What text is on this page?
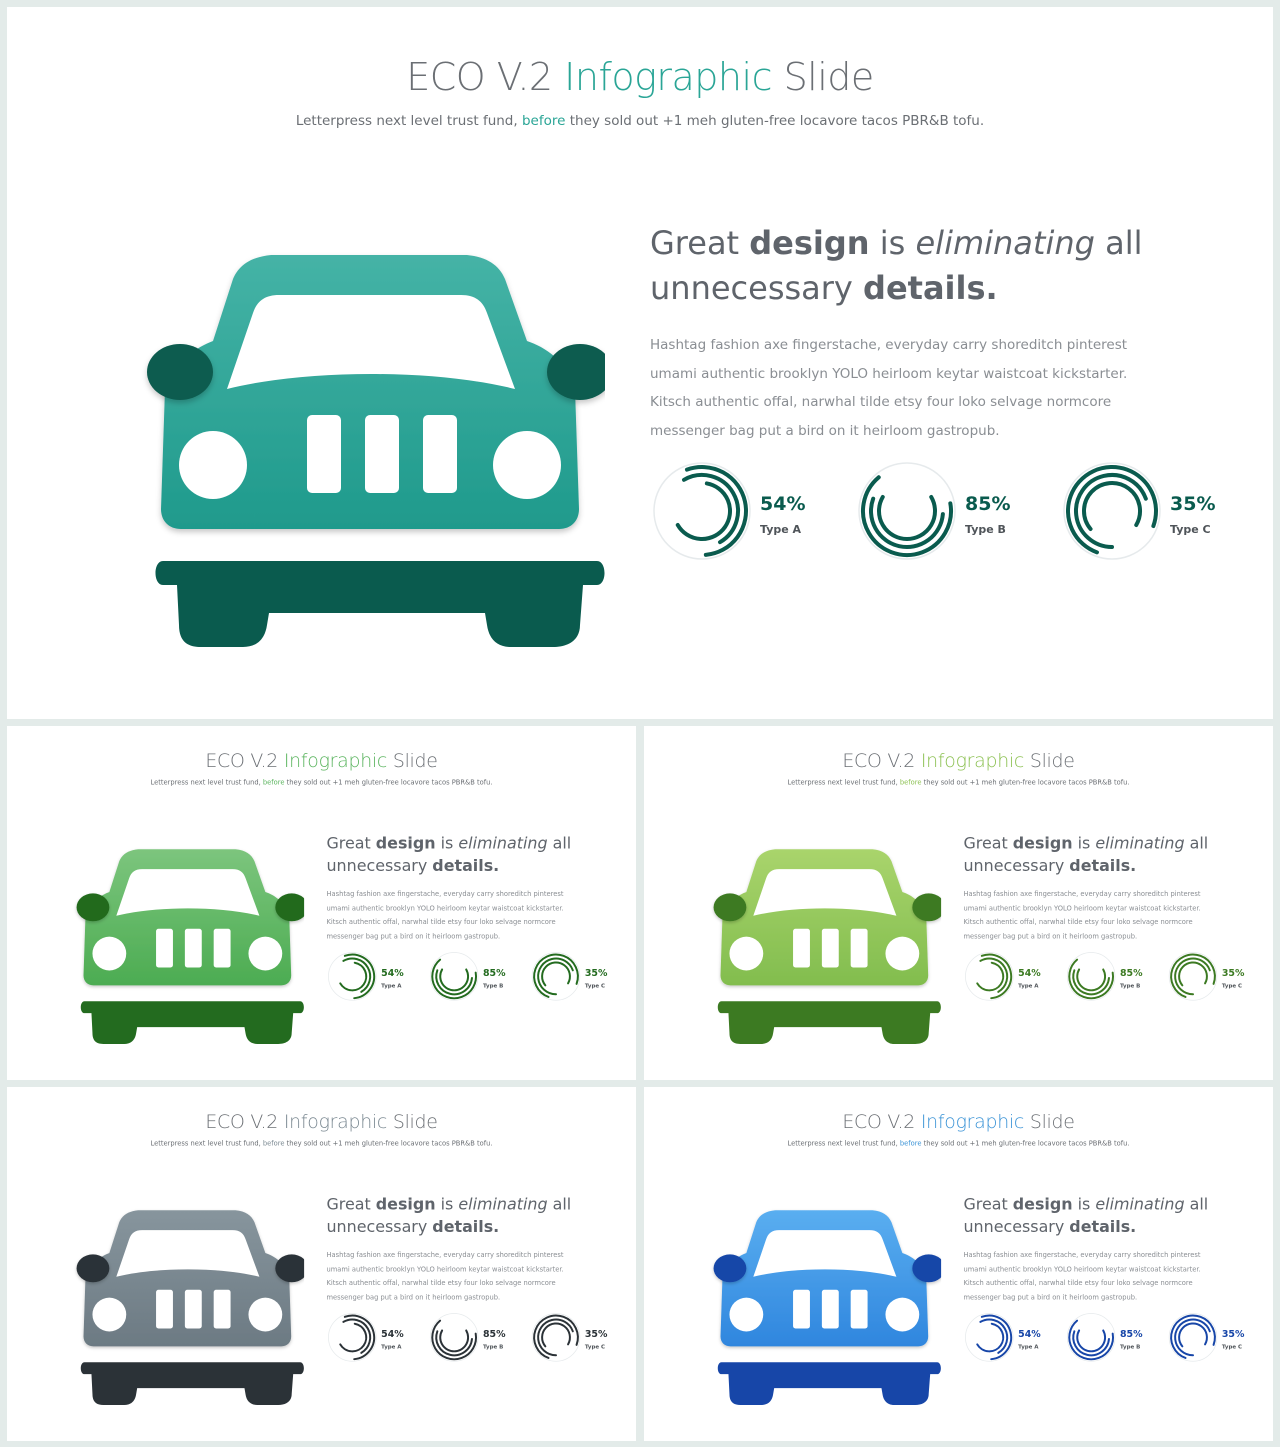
ECO V.2 Infographic Slide
Letterpress next level trust fund, before they sold out +1 meh gluten-free locavore tacos PBR&B tofu.
Great design is eliminating all
unnecessary details.

Hashtag fashion axe fingerstache, everyday carry shoreditch pinterest umami authentic brooklyn YOLO heirloom keytar waistcoat kickstarter. Kitsch authentic offal, narwhal tilde etsy four loko selvage normcore messenger bag put a bird on it heirloom gastropub.

54%
Type A
85%
Type B
35%
Type C
ECO V.2 Infographic Slide
Letterpress next level trust fund, before they sold out +1 meh gluten-free locavore tacos PBR&B tofu.
Great design is eliminating all
unnecessary details.

Hashtag fashion axe fingerstache, everyday carry shoreditch pinterest umami authentic brooklyn YOLO heirloom keytar waistcoat kickstarter. Kitsch authentic offal, narwhal tilde etsy four loko selvage normcore messenger bag put a bird on it heirloom gastropub.

54%
Type A
85%
Type B
35%
Type C
ECO V.2 Infographic Slide
Letterpress next level trust fund, before they sold out +1 meh gluten-free locavore tacos PBR&B tofu.
Great design is eliminating all
unnecessary details.

Hashtag fashion axe fingerstache, everyday carry shoreditch pinterest umami authentic brooklyn YOLO heirloom keytar waistcoat kickstarter. Kitsch authentic offal, narwhal tilde etsy four loko selvage normcore messenger bag put a bird on it heirloom gastropub.

54%
Type A
85%
Type B
35%
Type C
ECO V.2 Infographic Slide
Letterpress next level trust fund, before they sold out +1 meh gluten-free locavore tacos PBR&B tofu.
Great design is eliminating all
unnecessary details.

Hashtag fashion axe fingerstache, everyday carry shoreditch pinterest umami authentic brooklyn YOLO heirloom keytar waistcoat kickstarter. Kitsch authentic offal, narwhal tilde etsy four loko selvage normcore messenger bag put a bird on it heirloom gastropub.

54%
Type A
85%
Type B
35%
Type C
ECO V.2 Infographic Slide
Letterpress next level trust fund, before they sold out +1 meh gluten-free locavore tacos PBR&B tofu.
Great design is eliminating all
unnecessary details.

Hashtag fashion axe fingerstache, everyday carry shoreditch pinterest umami authentic brooklyn YOLO heirloom keytar waistcoat kickstarter. Kitsch authentic offal, narwhal tilde etsy four loko selvage normcore messenger bag put a bird on it heirloom gastropub.

54%
Type A
85%
Type B
35%
Type C
